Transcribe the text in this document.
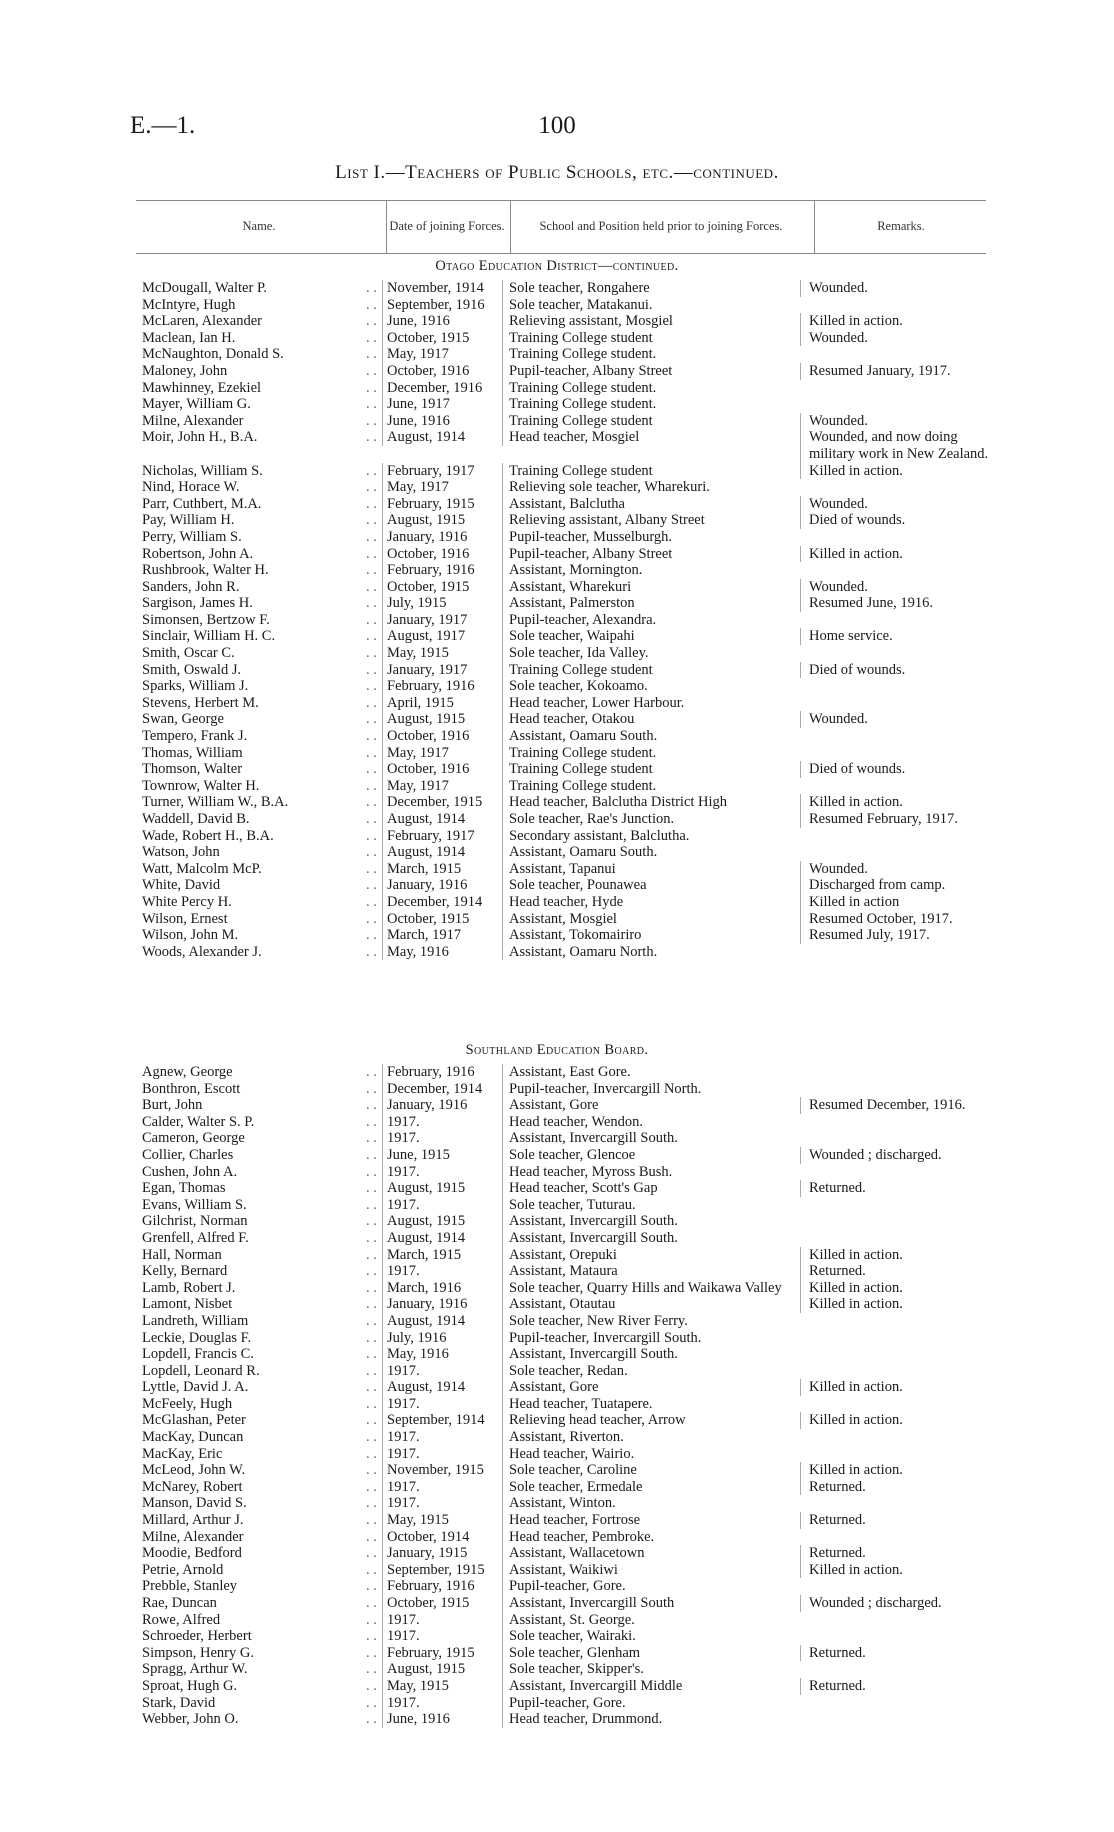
E.—1.	100
List I.—Teachers of Public Schools, etc.—continued.
Name.	Date of joining Forces.	School and Position held prior to joining Forces.	Remarks.
Otago Education District—continued.
McDougall, Walter P.	. . November, 1914	Sole teacher, Rongahere	Wounded.
McIntyre, Hugh	. . September, 1916	Sole teacher, Matakanui.
McLaren, Alexander	. . June, 1916	Relieving assistant, Mosgiel	Killed in action.
Maclean, Ian H.	. . October, 1915	Training College student	Wounded.
McNaughton, Donald S.	. . May, 1917	Training College student.
Maloney, John	. . October, 1916	Pupil-teacher, Albany Street	Resumed January, 1917.
Mawhinney, Ezekiel	. . December, 1916	Training College student.
Mayer, William G.	. . June, 1917	Training College student.
Milne, Alexander	. . June, 1916	Training College student	Wounded.
Moir, John H., B.A.	. . August, 1914	Head teacher, Mosgiel	Wounded, and now doing military work in New Zealand.
Nicholas, William S.	. . February, 1917	Training College student	Killed in action.
Nind, Horace W.	. . May, 1917	Relieving sole teacher, Wharekuri.
Parr, Cuthbert, M.A.	. . February, 1915	Assistant, Balclutha	Wounded.
Pay, William H.	. . August, 1915	Relieving assistant, Albany Street	Died of wounds.
Perry, William S.	. . January, 1916	Pupil-teacher, Musselburgh.
Robertson, John A.	. . October, 1916	Pupil-teacher, Albany Street	Killed in action.
Rushbrook, Walter H.	. . February, 1916	Assistant, Mornington.
Sanders, John R.	. . October, 1915	Assistant, Wharekuri	Wounded.
Sargison, James H.	. . July, 1915	Assistant, Palmerston	Resumed June, 1916.
Simonsen, Bertzow F.	. . January, 1917	Pupil-teacher, Alexandra.
Sinclair, William H. C.	. . August, 1917	Sole teacher, Waipahi	Home service.
Smith, Oscar C.	. . May, 1915	Sole teacher, Ida Valley.
Smith, Oswald J.	. . January, 1917	Training College student	Died of wounds.
Sparks, William J.	. . February, 1916	Sole teacher, Kokoamo.
Stevens, Herbert M.	. . April, 1915	Head teacher, Lower Harbour.
Swan, George	. . August, 1915	Head teacher, Otakou	Wounded.
Tempero, Frank J.	. . October, 1916	Assistant, Oamaru South.
Thomas, William	. . May, 1917	Training College student.
Thomson, Walter	. . October, 1916	Training College student	Died of wounds.
Townrow, Walter H.	. . May, 1917	Training College student.
Turner, William W., B.A.	. . December, 1915	Head teacher, Balclutha District High	Killed in action.
Waddell, David B.	. . August, 1914	Sole teacher, Rae's Junction.	Resumed February, 1917.
Wade, Robert H., B.A.	. . February, 1917	Secondary assistant, Balclutha.
Watson, John	. . August, 1914	Assistant, Oamaru South.
Watt, Malcolm McP.	. . March, 1915	Assistant, Tapanui	Wounded.
White, David	. . January, 1916	Sole teacher, Pounawea	Discharged from camp.
White Percy H.	. . December, 1914	Head teacher, Hyde	Killed in action
Wilson, Ernest	. . October, 1915	Assistant, Mosgiel	Resumed October, 1917.
Wilson, John M.	. . March, 1917	Assistant, Tokomairiro	Resumed July, 1917.
Woods, Alexander J.	. . May, 1916	Assistant, Oamaru North.
Southland Education Board.
Agnew, George	. . February, 1916	Assistant, East Gore.
Bonthron, Escott	. . December, 1914	Pupil-teacher, Invercargill North.
Burt, John	. . January, 1916	Assistant, Gore	Resumed December, 1916.
Calder, Walter S. P.	. . 1917.	Head teacher, Wendon.
Cameron, George	. . 1917.	Assistant, Invercargill South.
Collier, Charles	. . June, 1915	Sole teacher, Glencoe	Wounded ; discharged.
Cushen, John A.	. . 1917.	Head teacher, Myross Bush.
Egan, Thomas	. . August, 1915	Head teacher, Scott's Gap	Returned.
Evans, William S.	. . 1917.	Sole teacher, Tuturau.
Gilchrist, Norman	. . August, 1915	Assistant, Invercargill South.
Grenfell, Alfred F.	. . August, 1914	Assistant, Invercargill South.
Hall, Norman	. . March, 1915	Assistant, Orepuki	Killed in action.
Kelly, Bernard	. . 1917.	Assistant, Mataura	Returned.
Lamb, Robert J.	. . March, 1916	Sole teacher, Quarry Hills and Waikawa Valley	Killed in action.
Lamont, Nisbet	. . January, 1916	Assistant, Otautau	Killed in action.
Landreth, William	. . August, 1914	Sole teacher, New River Ferry.
Leckie, Douglas F.	. . July, 1916	Pupil-teacher, Invercargill South.
Lopdell, Francis C.	. . May, 1916	Assistant, Invercargill South.
Lopdell, Leonard R.	. . 1917.	Sole teacher, Redan.
Lyttle, David J. A.	. . August, 1914	Assistant, Gore	Killed in action.
McFeely, Hugh	. . 1917.	Head teacher, Tuatapere.
McGlashan, Peter	. . September, 1914	Relieving head teacher, Arrow	Killed in action.
MacKay, Duncan	. . 1917.	Assistant, Riverton.
MacKay, Eric	. . 1917.	Head teacher, Wairio.
McLeod, John W.	. . November, 1915	Sole teacher, Caroline	Killed in action.
McNarey, Robert	. . 1917.	Sole teacher, Ermedale	Returned.
Manson, David S.	. . 1917.	Assistant, Winton.
Millard, Arthur J.	. . May, 1915	Head teacher, Fortrose	Returned.
Milne, Alexander	. . October, 1914	Head teacher, Pembroke.
Moodie, Bedford	. . January, 1915	Assistant, Wallacetown	Returned.
Petrie, Arnold	. . September, 1915	Assistant, Waikiwi	Killed in action.
Prebble, Stanley	. . February, 1916	Pupil-teacher, Gore.
Rae, Duncan	. . October, 1915	Assistant, Invercargill South	Wounded ; discharged.
Rowe, Alfred	. . 1917.	Assistant, St. George.
Schroeder, Herbert	. . 1917.	Sole teacher, Wairaki.
Simpson, Henry G.	. . February, 1915	Sole teacher, Glenham	Returned.
Spragg, Arthur W.	. . August, 1915	Sole teacher, Skipper's.
Sproat, Hugh G.	. . May, 1915	Assistant, Invercargill Middle	Returned.
Stark, David	. . 1917.	Pupil-teacher, Gore.
Webber, John O.	. . June, 1916	Head teacher, Drummond.
